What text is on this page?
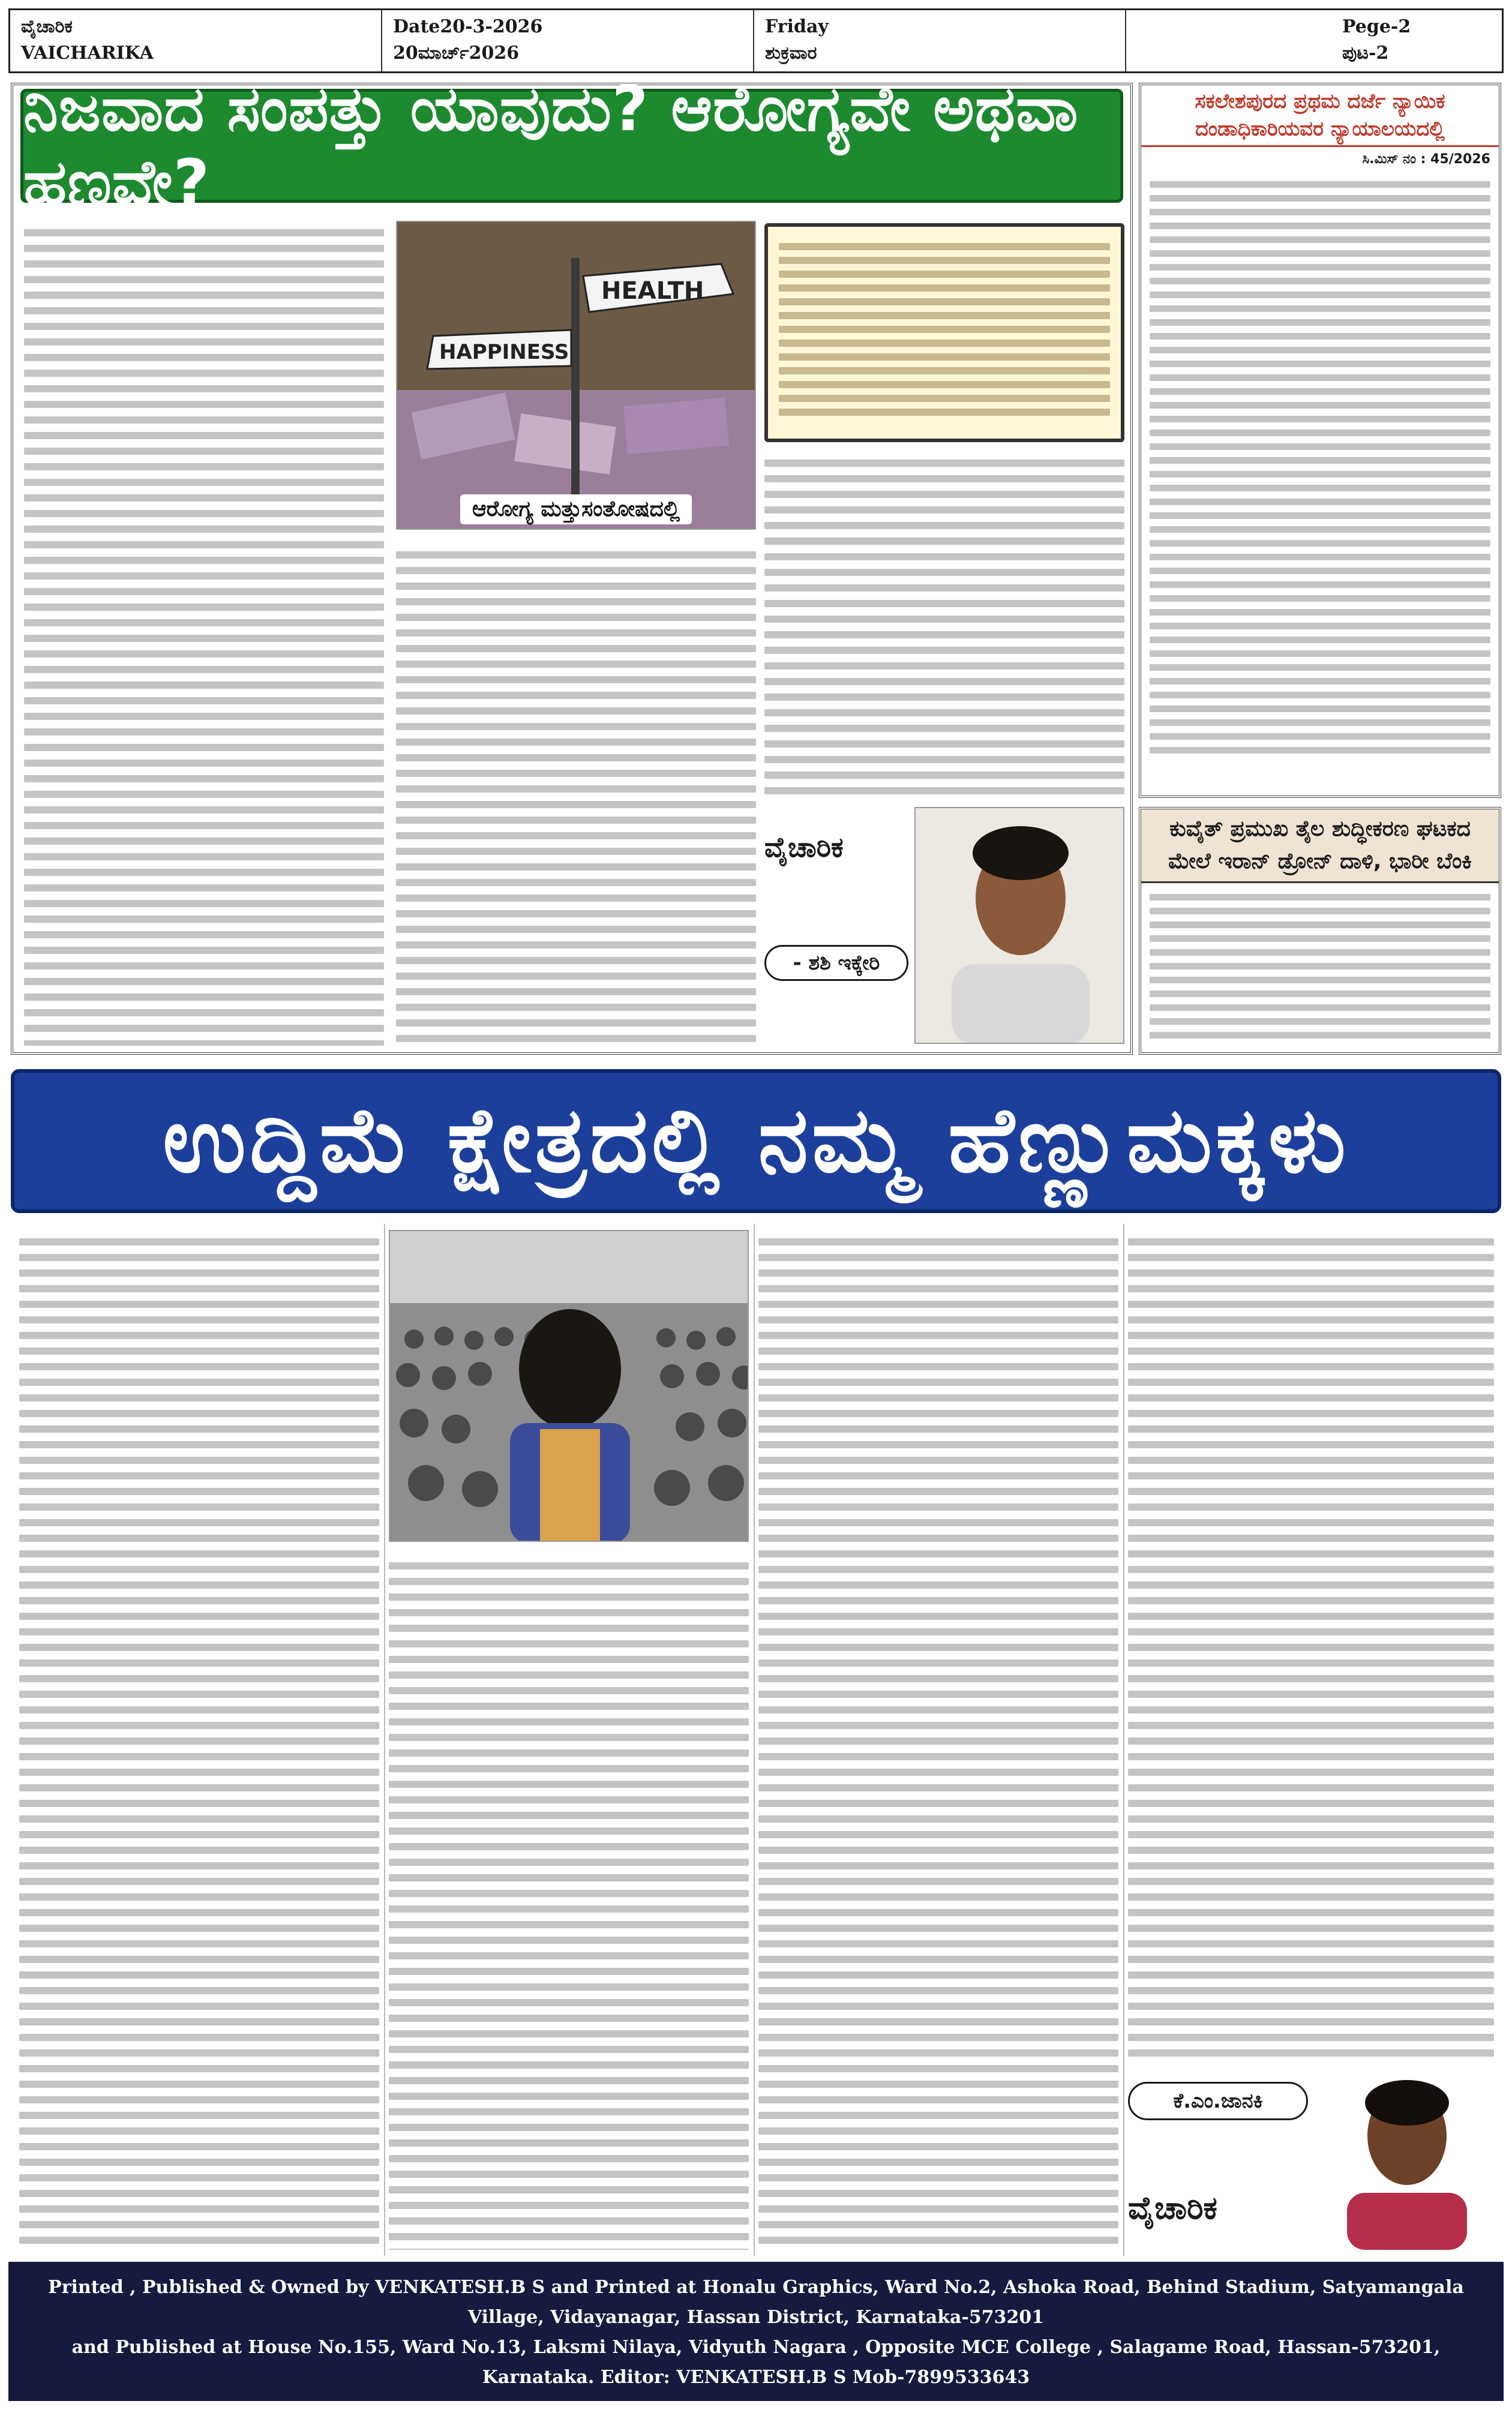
ವೈಚಾರಿಕ
VAICHARIKA
Date20-3-2026
20ಮಾರ್ಚ್2026
Friday
ಶುಕ್ರವಾರ
Pege-2
ಪುಟ-2
ನಿಜವಾದ ಸಂಪತ್ತು ಯಾವುದು? ಆರೋಗ್ಯವೇ ಅಥವಾ ಹಣವೇ?
HEALTH
HAPPINESS
ಆರೋಗ್ಯ ಮತ್ತುಸಂತೋಷದಲ್ಲಿ
ವೈಚಾರಿಕ
- ಶಶಿ ಇಕ್ಕೇರಿ
ಸಕಲೇಶಪುರದ ಪ್ರಥಮ ದರ್ಜೆ ನ್ಯಾಯಿಕ
ದಂಡಾಧಿಕಾರಿಯವರ ನ್ಯಾಯಾಲಯದಲ್ಲಿ
ಸಿ.ಮಿಸ್ ನಂ : 45/2026
ಕುವೈತ್ ಪ್ರಮುಖ ತೈಲ ಶುದ್ಧೀಕರಣ ಘಟಕದ
ಮೇಲೆ ಇರಾನ್ ಡ್ರೋನ್ ದಾಳಿ, ಭಾರೀ ಬೆಂಕಿ
ಉದ್ದಿಮೆ ಕ್ಷೇತ್ರದಲ್ಲಿ ನಮ್ಮ ಹೆಣ್ಣುಮಕ್ಕಳು
ಕೆ.ಎಂ.ಜಾನಕಿ
ವೈಚಾರಿಕ
Printed , Published & Owned by VENKATESH.B S and Printed at Honalu Graphics, Ward No.2, Ashoka Road, Behind Stadium, Satyamangala Village, Vidayanagar, Hassan District, Karnataka-573201
and Published at House No.155, Ward No.13, Laksmi Nilaya, Vidyuth Nagara , Opposite MCE College , Salagame Road, Hassan-573201, Karnataka. Editor: VENKATESH.B S Mob-7899533643
